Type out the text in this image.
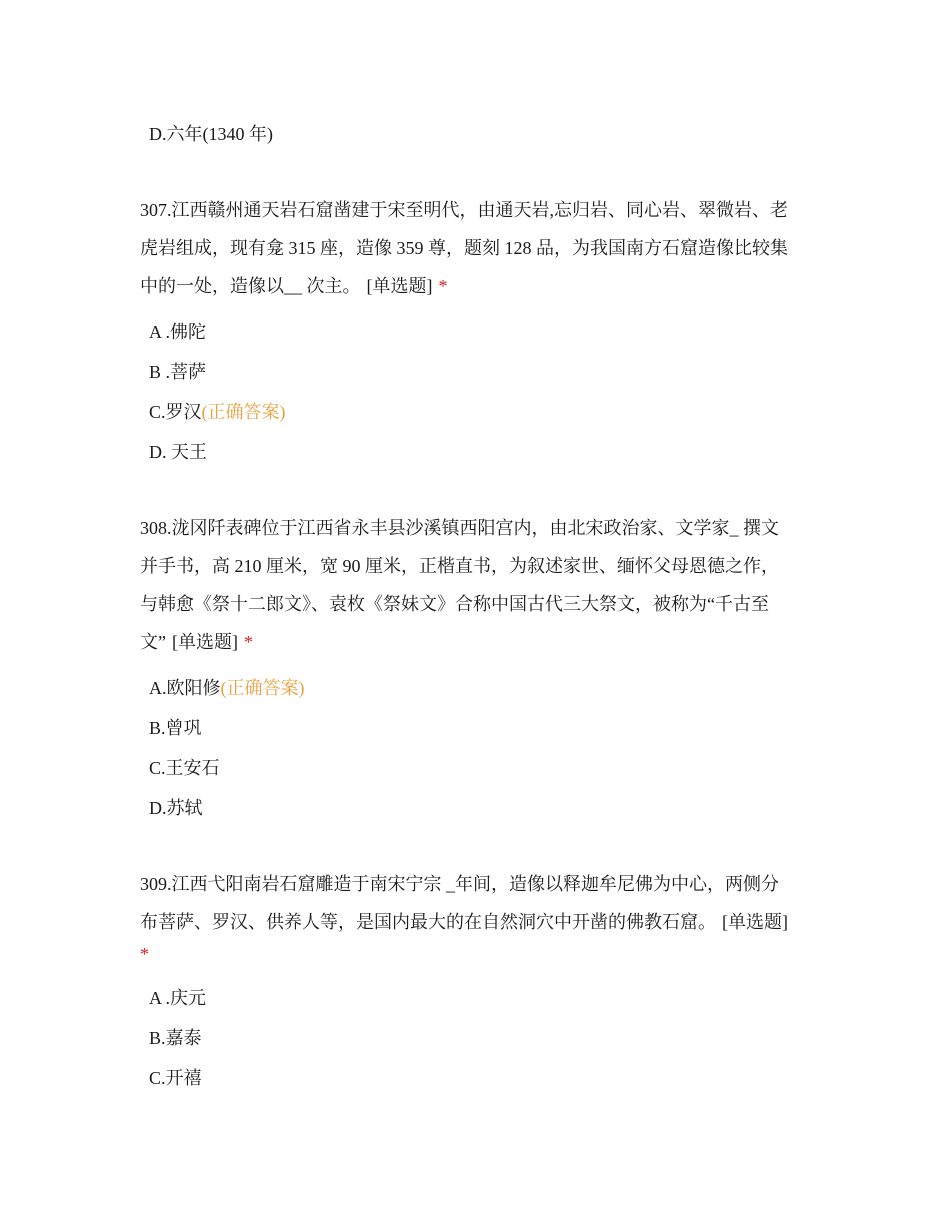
D.六年(1340 年)
307.江西赣州通天岩石窟凿建于宋至明代，由通天岩,忘归岩、同心岩、翠微岩、老
虎岩组成，现有龛 315 座，造像 359 尊，题刻 128 品，为我国南方石窟造像比较集
中的一处，造像以__ 次主。 [单选题] *
A .佛陀
B .菩萨
C.罗汉(正确答案)
D. 天王
308.泷冈阡表碑位于江西省永丰县沙溪镇西阳宫内，由北宋政治家、文学家_ 撰文
并手书，高 210 厘米，宽 90 厘米，正楷直书，为叙述家世、缅怀父母恩德之作，
与韩愈《祭十二郎文》、袁枚《祭妹文》合称中国古代三大祭文，被称为“千古至
文” [单选题] *
A.欧阳修(正确答案)
B.曾巩
C.王安石
D.苏轼
309.江西弋阳南岩石窟雕造于南宋宁宗 _年间，造像以释迦牟尼佛为中心，两侧分
布菩萨、罗汉、供养人等，是国内最大的在自然洞穴中开凿的佛教石窟。 [单选题]
*
A .庆元
B.嘉泰
C.开禧
